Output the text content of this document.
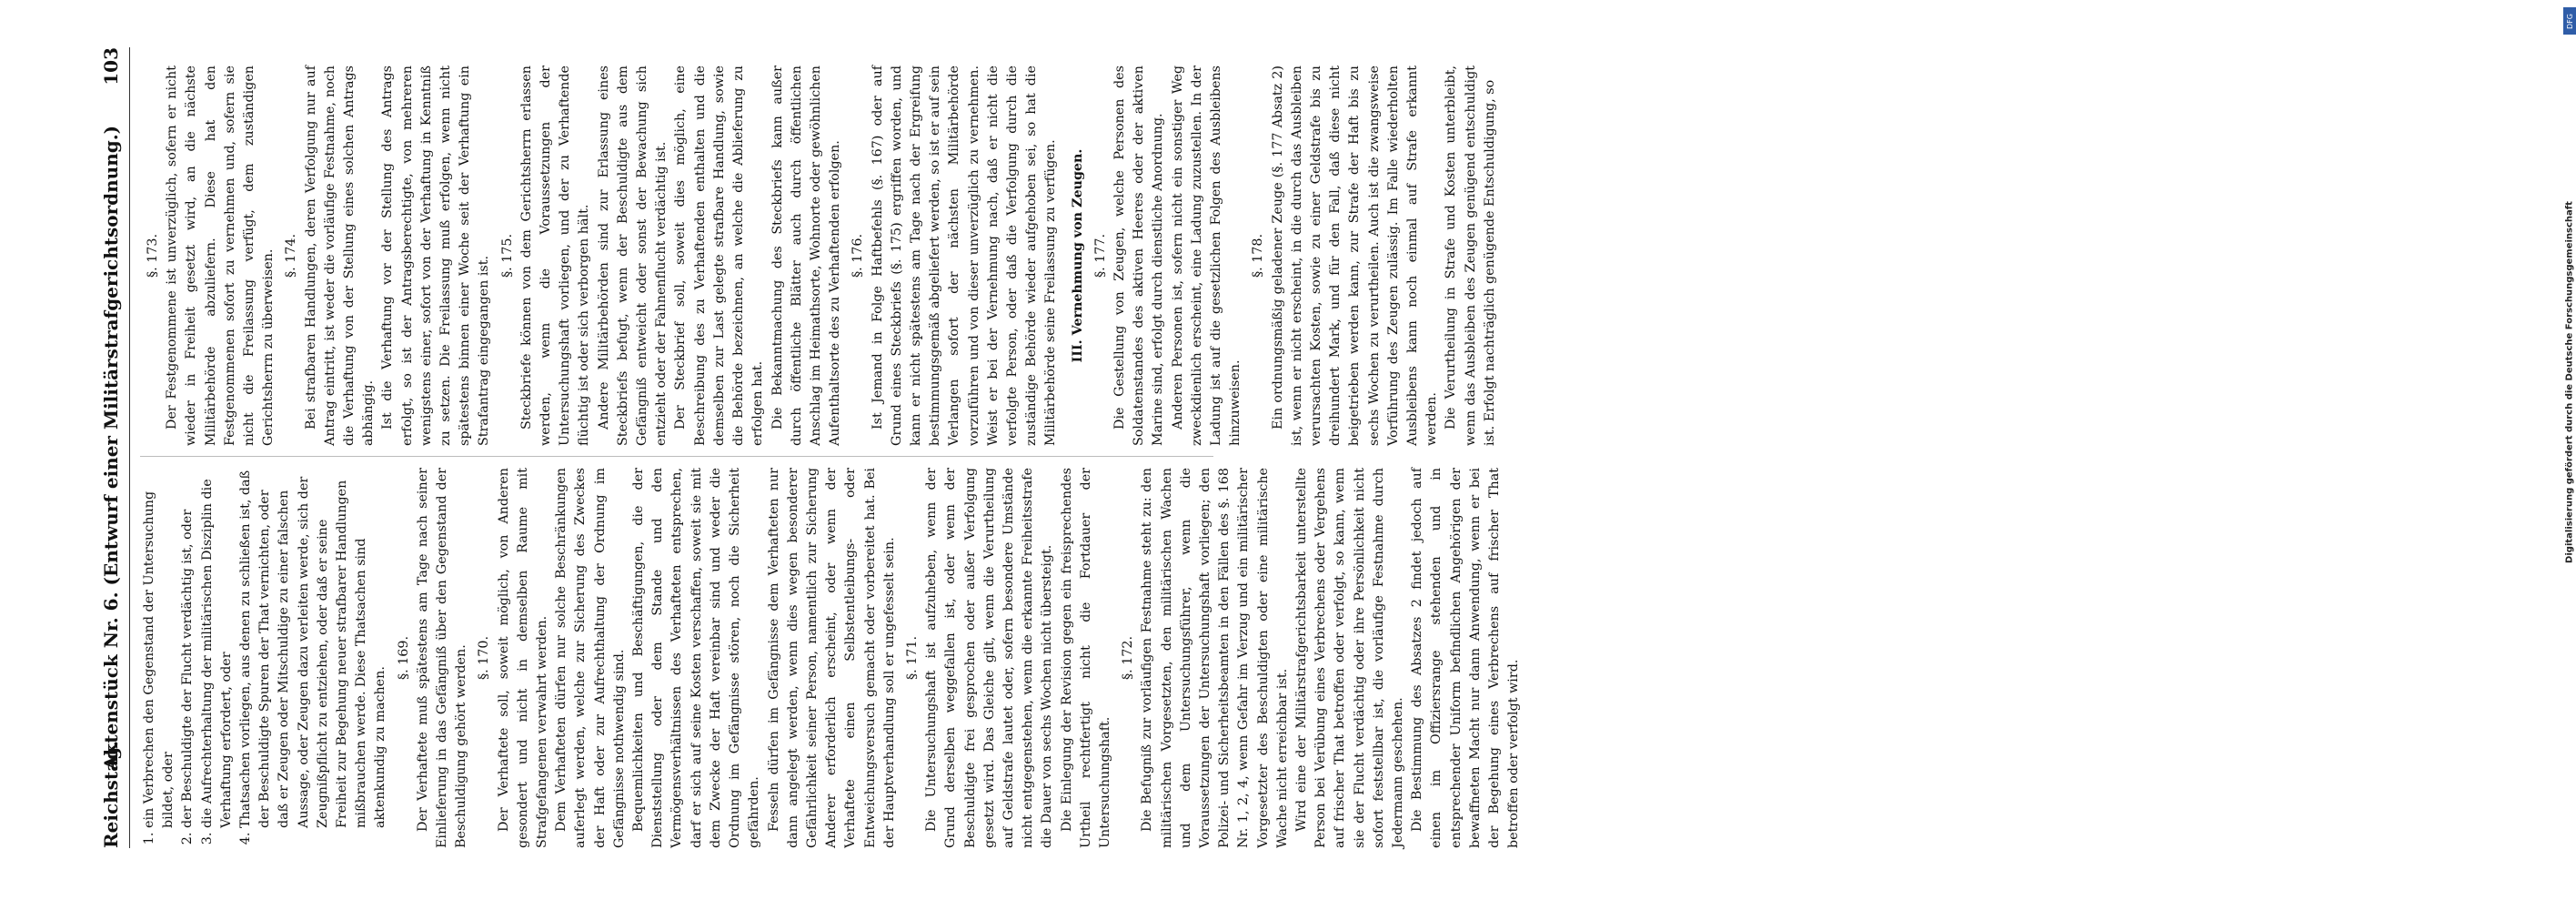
DFG
Digitalisierung gefördert durch die Deutsche Forschungsgemeinschaft
Reichstag.
Aktenstück Nr. 6. (Entwurf einer Militärstrafgerichtsordnung.)
103
1. ein Verbrechen den Gegenstand der Untersuchung bildet, oder 2. der Beschuldigte der Flucht verdächtig ist, oder 3. die Aufrechterhaltung der militärischen Disziplin die Verhaftung erfordert, oder 4. Thatsachen vorliegen, aus denen zu schließen ist, daß der Beschuldigte Spuren der That vernichten, oder daß er Zeugen oder Mitschuldige zu einer falschen Aussage, oder Zeugen dazu verleiten werde, sich der Zeugnißpflicht zu entziehen, oder daß er seine Freiheit zur Begehung neuer strafbarer Handlungen mißbrauchen werde. Diese Thatsachen sind aktenkundig zu machen.
§. 169. Der Verhaftete muß spätestens am Tage nach seiner Einlieferung in das Gefängniß über den Gegenstand der Beschuldigung gehört werden. §. 170. Der Verhaftete soll, soweit möglich, von Anderen gesondert und nicht in demselben Raume mit Strafgefangenen verwahrt werden. Dem Verhafteten dürfen nur solche Beschränkungen auferlegt werden, welche zur Sicherung des Zweckes der Haft oder zur Aufrechthaltung der Ordnung im Gefängnisse nothwendig sind. Bequemlichkeiten und Beschäftigungen, die der Dienststellung oder dem Stande und den Vermögensverhältnissen des Verhafteten entsprechen, darf er sich auf seine Kosten verschaffen, soweit sie mit dem Zwecke der Haft vereinbar sind und weder die Ordnung im Gefängnisse stören, noch die Sicherheit gefährden. Fesseln dürfen im Gefängnisse dem Verhafteten nur dann angelegt werden, wenn dies wegen besonderer Gefährlichkeit seiner Person, namentlich zur Sicherung Anderer erforderlich erscheint, oder wenn der Verhaftete einen Selbstentleibungs- oder Entweichungsversuch gemacht oder vorbereitet hat. Bei der Hauptverhandlung soll er ungefesselt sein. §. 171. Die Untersuchungshaft ist aufzuheben, wenn der Grund derselben weggefallen ist, oder wenn der Beschuldigte frei gesprochen oder außer Verfolgung gesetzt wird. Das Gleiche gilt, wenn die Verurtheilung auf Geldstrafe lautet oder, sofern besondere Umstände nicht entgegenstehen, wenn die erkannte Freiheitsstrafe die Dauer von sechs Wochen nicht übersteigt. Die Einlegung der Revision gegen ein freisprechendes Urtheil rechtfertigt nicht die Fortdauer der Untersuchungshaft.

§. 172. Die Befugniß zur vorläufigen Festnahme steht zu: den militärischen Vorgesetzten, den militärischen Wachen und dem Untersuchungsführer, wenn die Voraussetzungen der Untersuchungshaft vorliegen; den Polizei- und Sicherheitsbeamten in den Fällen des §. 168 Nr. 1, 2, 4, wenn Gefahr im Verzug und ein militärischer Vorgesetzter des Beschuldigten oder eine militärische Wache nicht erreichbar ist. Wird eine der Militärstrafgerichtsbarkeit unterstellte Person bei Verübung eines Verbrechens oder Vergehens auf frischer That betroffen oder verfolgt, so kann, wenn sie der Flucht verdächtig oder ihre Persönlichkeit nicht sofort feststellbar ist, die vorläufige Festnahme durch Jedermann geschehen. Die Bestimmung des Absatzes 2 findet jedoch auf einen im Offiziersrange stehenden und in entsprechender Uniform befindlichen Angehörigen der bewaffneten Macht nur dann Anwendung, wenn er bei der Begehung eines Verbrechens auf frischer That betroffen oder verfolgt wird.

§. 173. Der Festgenommene ist unverzüglich, sofern er nicht wieder in Freiheit gesetzt wird, an die nächste Militärbehörde abzuliefern. Diese hat den Festgenommenen sofort zu vernehmen und, sofern sie nicht die Freilassung verfügt, dem zuständigen Gerichtsherrn zu überweisen. §. 174. Bei strafbaren Handlungen, deren Verfolgung nur auf Antrag eintritt, ist weder die vorläufige Festnahme, noch die Verhaftung von der Stellung eines solchen Antrags abhängig. Ist die Verhaftung vor der Stellung des Antrags erfolgt, so ist der Antragsberechtigte, von mehreren wenigstens einer, sofort von der Verhaftung in Kenntniß zu setzen. Die Freilassung muß erfolgen, wenn nicht spätestens binnen einer Woche seit der Verhaftung ein Strafantrag eingegangen ist. §. 175. Steckbriefe können von dem Gerichtsherrn erlassen werden, wenn die Voraussetzungen der Untersuchungshaft vorliegen, und der zu Verhaftende flüchtig ist oder sich verborgen hält. Andere Militärbehörden sind zur Erlassung eines Steckbriefs befugt, wenn der Beschuldigte aus dem Gefängniß entweicht oder sonst der Bewachung sich entzieht oder der Fahnenflucht verdächtig ist. Der Steckbrief soll, soweit dies möglich, eine Beschreibung des zu Verhaftenden enthalten und die demselben zur Last gelegte strafbare Handlung, sowie die Behörde bezeichnen, an welche die Ablieferung zu erfolgen hat. Die Bekanntmachung des Steckbriefs kann außer durch öffentliche Blätter auch durch öffentlichen Anschlag im Heimathsorte, Wohnorte oder gewöhnlichen Aufenthaltsorte des zu Verhaftenden erfolgen. §. 176. Ist Jemand in Folge Haftbefehls (§. 167) oder auf Grund eines Steckbriefs (§. 175) ergriffen worden, und kann er nicht spätestens am Tage nach der Ergreifung bestimmungsgemäß abgeliefert werden, so ist er auf sein Verlangen sofort der nächsten Militärbehörde vorzuführen und von dieser unverzüglich zu vernehmen. Weist er bei der Vernehmung nach, daß er nicht die verfolgte Person, oder daß die Verfolgung durch die zuständige Behörde wieder aufgehoben sei, so hat die Militärbehörde seine Freilassung zu verfügen. III. Vernehmung von Zeugen. §. 177. Die Gestellung von Zeugen, welche Personen des Soldatenstandes des aktiven Heeres oder der aktiven Marine sind, erfolgt durch dienstliche Anordnung. Anderen Personen ist, sofern nicht ein sonstiger Weg zweckdienlich erscheint, eine Ladung zuzustellen. In der Ladung ist auf die gesetzlichen Folgen des Ausbleibens hinzuweisen.

§. 178. Ein ordnungsmäßig geladener Zeuge (§. 177 Absatz 2) ist, wenn er nicht erscheint, in die durch das Ausbleiben verursachten Kosten, sowie zu einer Geldstrafe bis zu dreihundert Mark, und für den Fall, daß diese nicht beigetrieben werden kann, zur Strafe der Haft bis zu sechs Wochen zu verurtheilen. Auch ist die zwangsweise Vorführung des Zeugen zulässig. Im Falle wiederholten Ausbleibens kann noch einmal auf Strafe erkannt werden. Die Verurtheilung in Strafe und Kosten unterbleibt, wenn das Ausbleiben des Zeugen genügend entschuldigt ist. Erfolgt nachträglich genügende Entschuldigung, so
